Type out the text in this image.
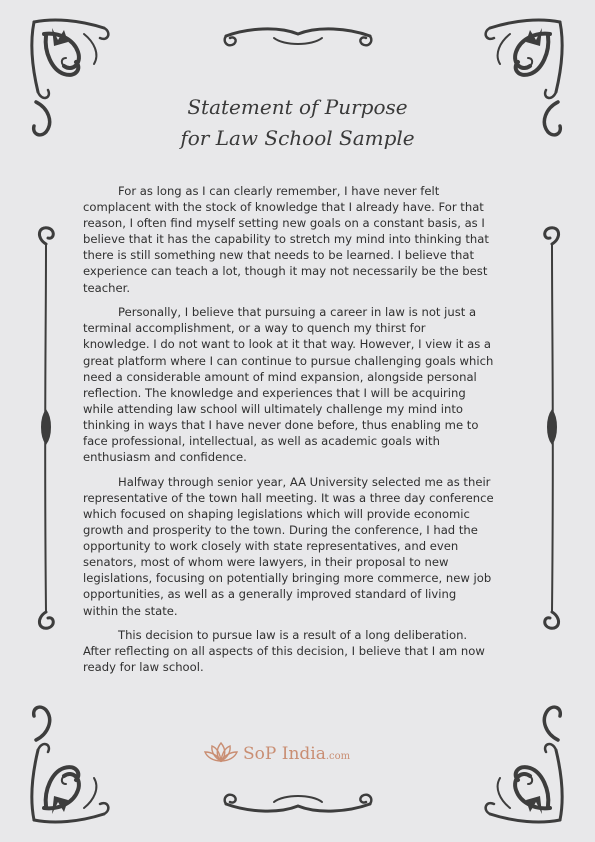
Statement of Purpose
for Law School Sample

For as long as I can clearly remember, I have never felt complacent with the stock of knowledge that I already have. For that reason, I often find myself setting new goals on a constant basis, as I believe that it has the capability to stretch my mind into thinking that there is still something new that needs to be learned. I believe that experience can teach a lot, though it may not necessarily be the best teacher.

Personally, I believe that pursuing a career in law is not just a terminal accomplishment, or a way to quench my thirst for knowledge. I do not want to look at it that way. However, I view it as a great platform where I can continue to pursue challenging goals which need a considerable amount of mind expansion, alongside personal reflection. The knowledge and experiences that I will be acquiring while attending law school will ultimately challenge my mind into thinking in ways that I have never done before, thus enabling me to face professional, intellectual, as well as academic goals with enthusiasm and confidence.

Halfway through senior year, AA University selected me as their representative of the town hall meeting. It was a three day conference which focused on shaping legislations which will provide economic growth and prosperity to the town. During the conference, I had the opportunity to work closely with state representatives, and even senators, most of whom were lawyers, in their proposal to new legislations, focusing on potentially bringing more commerce, new job opportunities, as well as a generally improved standard of living within the state.

This decision to pursue law is a result of a long deliberation. After reflecting on all aspects of this decision, I believe that I am now ready for law school.

SoP India.com
